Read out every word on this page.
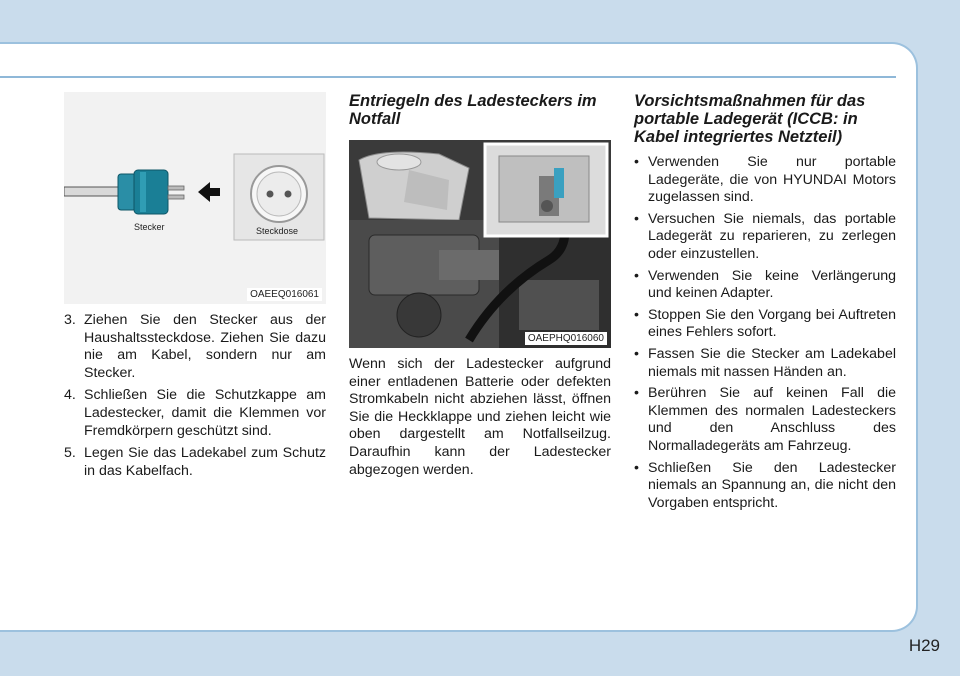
Stecker	Steckdose
OAEEQ016061
3. Ziehen Sie den Stecker aus der Haushaltssteckdose. Ziehen Sie dazu nie am Kabel, sondern nur am Stecker.
4. Schließen Sie die Schutzkappe am Ladestecker, damit die Klemmen vor Fremdkörpern geschützt sind.
5. Legen Sie das Ladekabel zum Schutz in das Kabelfach.
Entriegeln des Ladesteckers im Notfall
OAEPHQ016060

Wenn sich der Ladestecker aufgrund einer entladenen Batterie oder defekten Stromkabeln nicht abziehen lässt, öffnen Sie die Heckklappe und ziehen leicht wie oben dargestellt am Notfallseilzug. Daraufhin kann der Ladestecker abgezogen werden.

Vorsichtsmaßnahmen für das portable Ladegerät (ICCB: in Kabel integriertes Netzteil)
• Verwenden Sie nur portable Ladegeräte, die von HYUNDAI Motors zugelassen sind.
• Versuchen Sie niemals, das portable Ladegerät zu reparieren, zu zerlegen oder einzustellen.
• Verwenden Sie keine Verlängerung und keinen Adapter.
• Stoppen Sie den Vorgang bei Auftreten eines Fehlers sofort.
• Fassen Sie die Stecker am Ladekabel niemals mit nassen Händen an.
• Berühren Sie auf keinen Fall die Klemmen des normalen Ladesteckers und den Anschluss des Normalladegeräts am Fahrzeug.
• Schließen Sie den Ladestecker niemals an Spannung an, die nicht den Vorgaben entspricht.
H29
